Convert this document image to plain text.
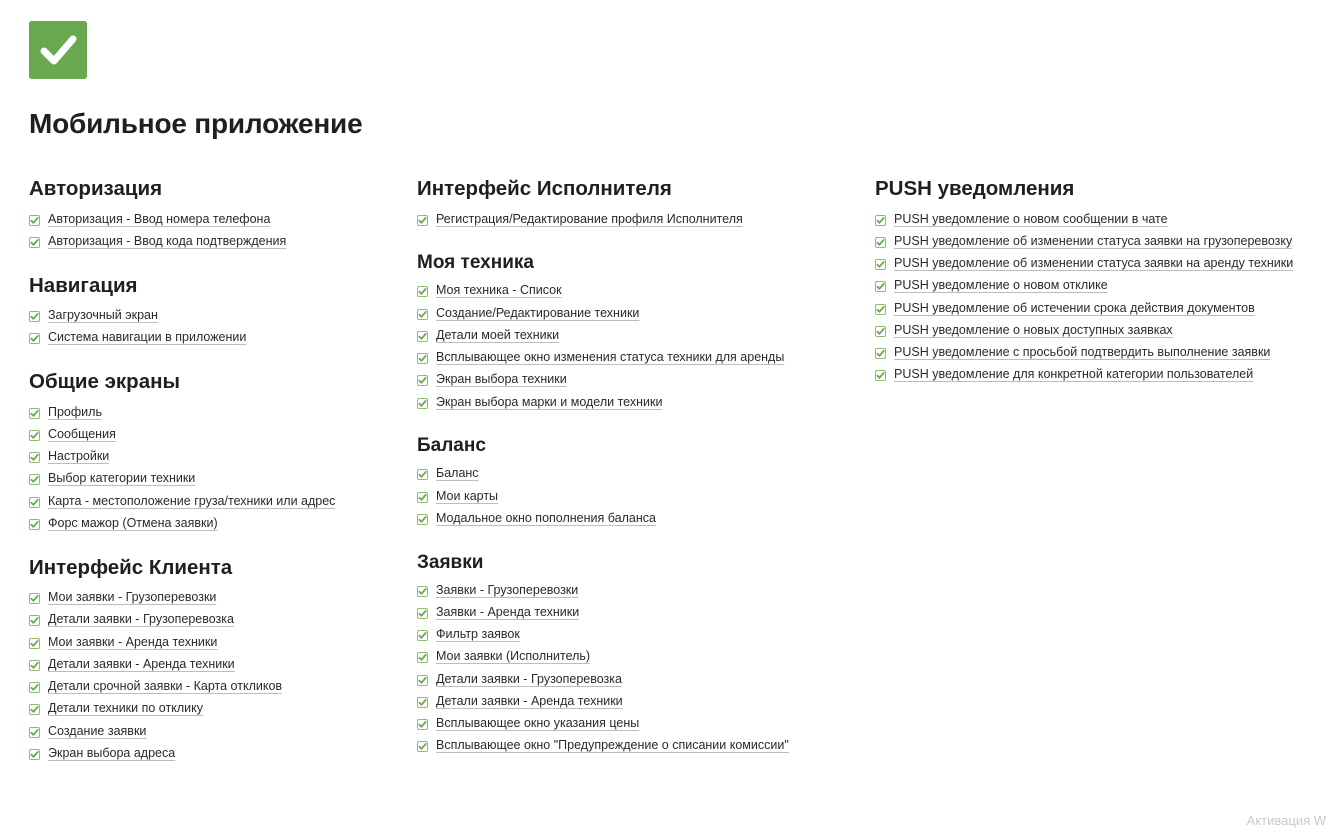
Мобильное приложение
Авторизация
Авторизация - Ввод номера телефона
Авторизация - Ввод кода подтверждения
Навигация
Загрузочный экран
Система навигации в приложении
Общие экраны
Профиль
Сообщения
Настройки
Выбор категории техники
Карта - местоположение груза/техники или адрес
Форс мажор (Отмена заявки)
Интерфейс Клиента
Мои заявки - Грузоперевозки
Детали заявки - Грузоперевозка
Мои заявки - Аренда техники
Детали заявки - Аренда техники
Детали срочной заявки - Карта откликов
Детали техники по отклику
Создание заявки
Экран выбора адреса
Интерфейс Исполнителя
Регистрация/Редактирование профиля Исполнителя
Моя техника
Моя техника - Список
Создание/Редактирование техники
Детали моей техники
Всплывающее окно изменения статуса техники для аренды
Экран выбора техники
Экран выбора марки и модели техники
Баланс
Баланс
Мои карты
Модальное окно пополнения баланса
Заявки
Заявки - Грузоперевозки
Заявки - Аренда техники
Фильтр заявок
Мои заявки (Исполнитель)
Детали заявки - Грузоперевозка
Детали заявки - Аренда техники
Всплывающее окно указания цены
Всплывающее окно "Предупреждение о списании комиссии"
PUSH уведомления
PUSH уведомление о новом сообщении в чате
PUSH уведомление об изменении статуса заявки на грузоперевозку
PUSH уведомление об изменении статуса заявки на аренду техники
PUSH уведомление о новом отклике
PUSH уведомление об истечении срока действия документов
PUSH уведомление о новых доступных заявках
PUSH уведомление с просьбой подтвердить выполнение заявки
PUSH уведомление для конкретной категории пользователей
Активация W
